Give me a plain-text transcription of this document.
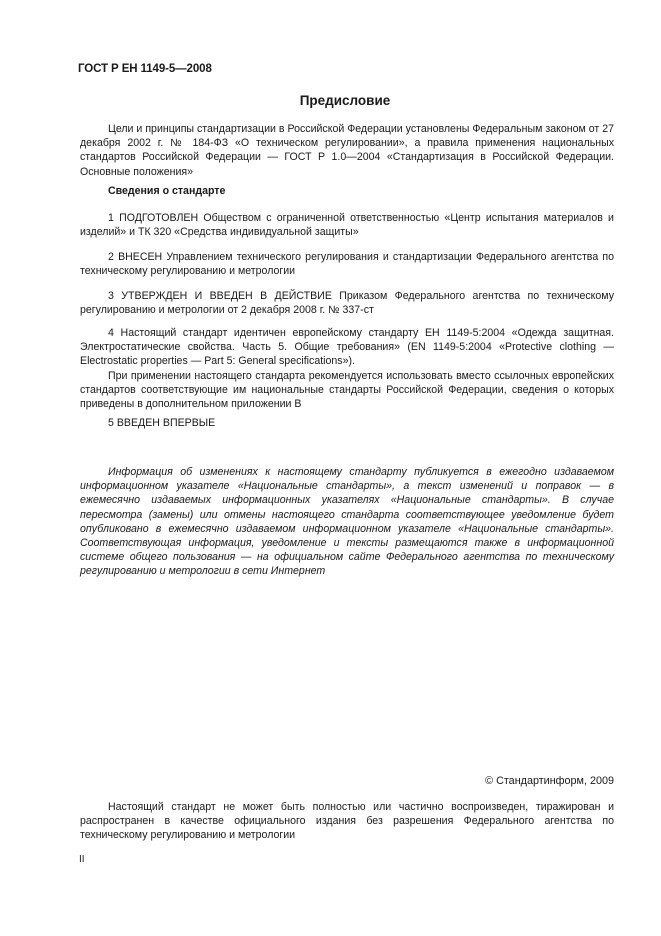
ГОСТ Р ЕН 1149-5—2008
Предисловие
Цели и принципы стандартизации в Российской Федерации установлены Федеральным законом от 27 декабря 2002 г. № 184-ФЗ «О техническом регулировании», а правила применения национальных стандартов Российской Федерации — ГОСТ Р 1.0—2004 «Стандартизация в Российской Федерации. Основные положения»
Сведения о стандарте
1 ПОДГОТОВЛЕН Обществом с ограниченной ответственностью «Центр испытания материалов и изделий» и ТК 320 «Средства индивидуальной защиты»
2 ВНЕСЕН Управлением технического регулирования и стандартизации Федерального агентства по техническому регулированию и метрологии
3 УТВЕРЖДЕН И ВВЕДЕН В ДЕЙСТВИЕ Приказом Федерального агентства по техническому регулированию и метрологии от 2 декабря 2008 г. № 337-ст
4 Настоящий стандарт идентичен европейскому стандарту ЕН 1149-5:2004 «Одежда защитная. Электростатические свойства. Часть 5. Общие требования» (EN 1149-5:2004 «Protective clothing — Electrostatic properties — Part 5: General specifications»).
При применении настоящего стандарта рекомендуется использовать вместо ссылочных европейских стандартов соответствующие им национальные стандарты Российской Федерации, сведения о которых приведены в дополнительном приложении В
5 ВВЕДЕН ВПЕРВЫЕ
Информация об изменениях к настоящему стандарту публикуется в ежегодно издаваемом информационном указателе «Национальные стандарты», а текст изменений и поправок — в ежемесячно издаваемых информационных указателях «Национальные стандарты». В случае пересмотра (замены) или отмены настоящего стандарта соответствующее уведомление будет опубликовано в ежемесячно издаваемом информационном указателе «Национальные стандарты». Соответствующая информация, уведомление и тексты размещаются также в информационной системе общего пользования — на официальном сайте Федерального агентства по техническому регулированию и метрологии в сети Интернет
© Стандартинформ, 2009
Настоящий стандарт не может быть полностью или частично воспроизведен, тиражирован и распространен в качестве официального издания без разрешения Федерального агентства по техническому регулированию и метрологии
II
